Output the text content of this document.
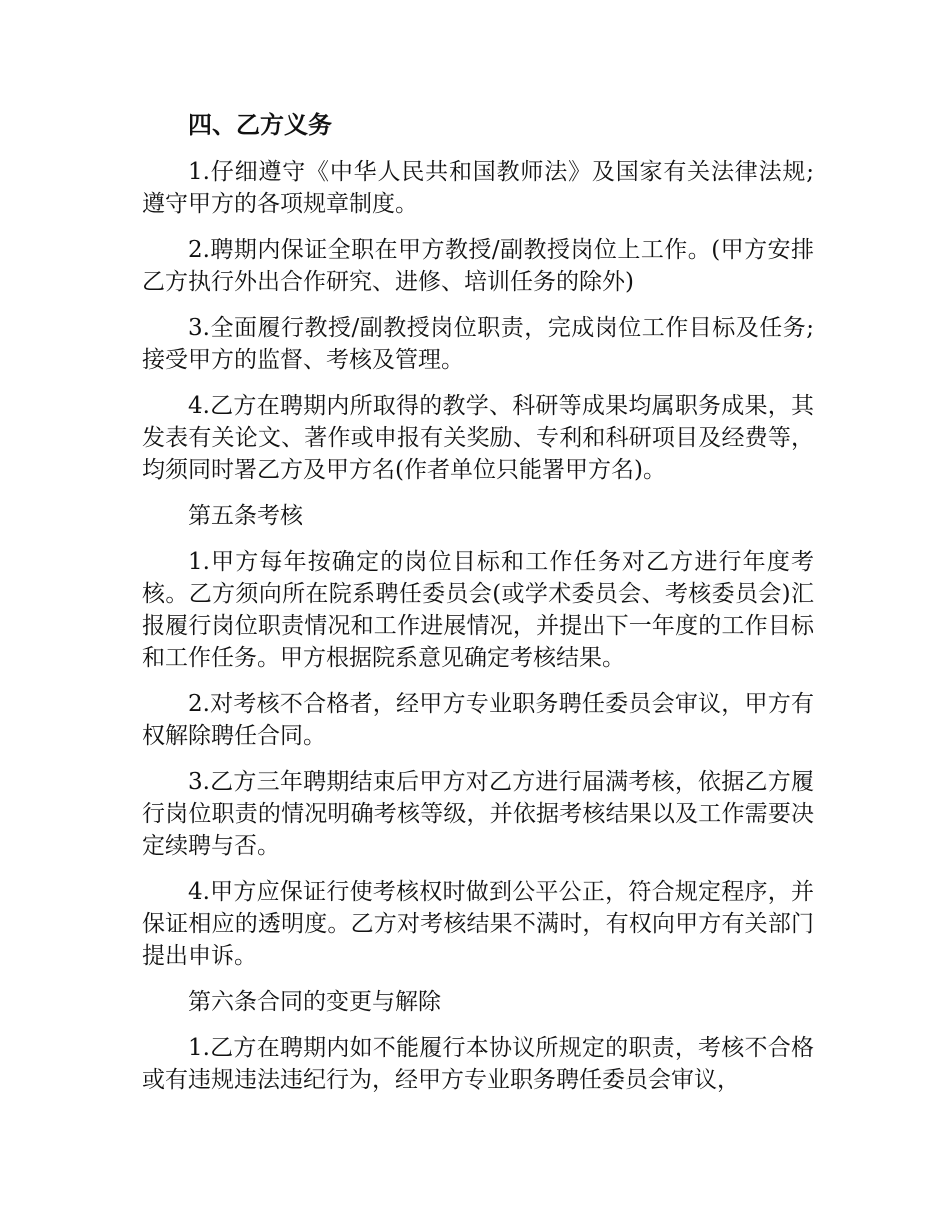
四、乙方义务

1.仔细遵守《中华人民共和国教师法》及国家有关法律法规;遵守甲方的各项规章制度。

2.聘期内保证全职在甲方教授/副教授岗位上工作。(甲方安排乙方执行外出合作研究、进修、培训任务的除外)

3.全面履行教授/副教授岗位职责，完成岗位工作目标及任务;接受甲方的监督、考核及管理。

4.乙方在聘期内所取得的教学、科研等成果均属职务成果，其发表有关论文、著作或申报有关奖励、专利和科研项目及经费等，均须同时署乙方及甲方名(作者单位只能署甲方名)。

第五条考核

1.甲方每年按确定的岗位目标和工作任务对乙方进行年度考核。乙方须向所在院系聘任委员会(或学术委员会、考核委员会)汇报履行岗位职责情况和工作进展情况，并提出下一年度的工作目标和工作任务。甲方根据院系意见确定考核结果。

2.对考核不合格者，经甲方专业职务聘任委员会审议，甲方有权解除聘任合同。

3.乙方三年聘期结束后甲方对乙方进行届满考核，依据乙方履行岗位职责的情况明确考核等级，并依据考核结果以及工作需要决定续聘与否。

4.甲方应保证行使考核权时做到公平公正，符合规定程序，并保证相应的透明度。乙方对考核结果不满时，有权向甲方有关部门提出申诉。

第六条合同的变更与解除

1.乙方在聘期内如不能履行本协议所规定的职责，考核不合格或有违规违法违纪行为，经甲方专业职务聘任委员会审议，
